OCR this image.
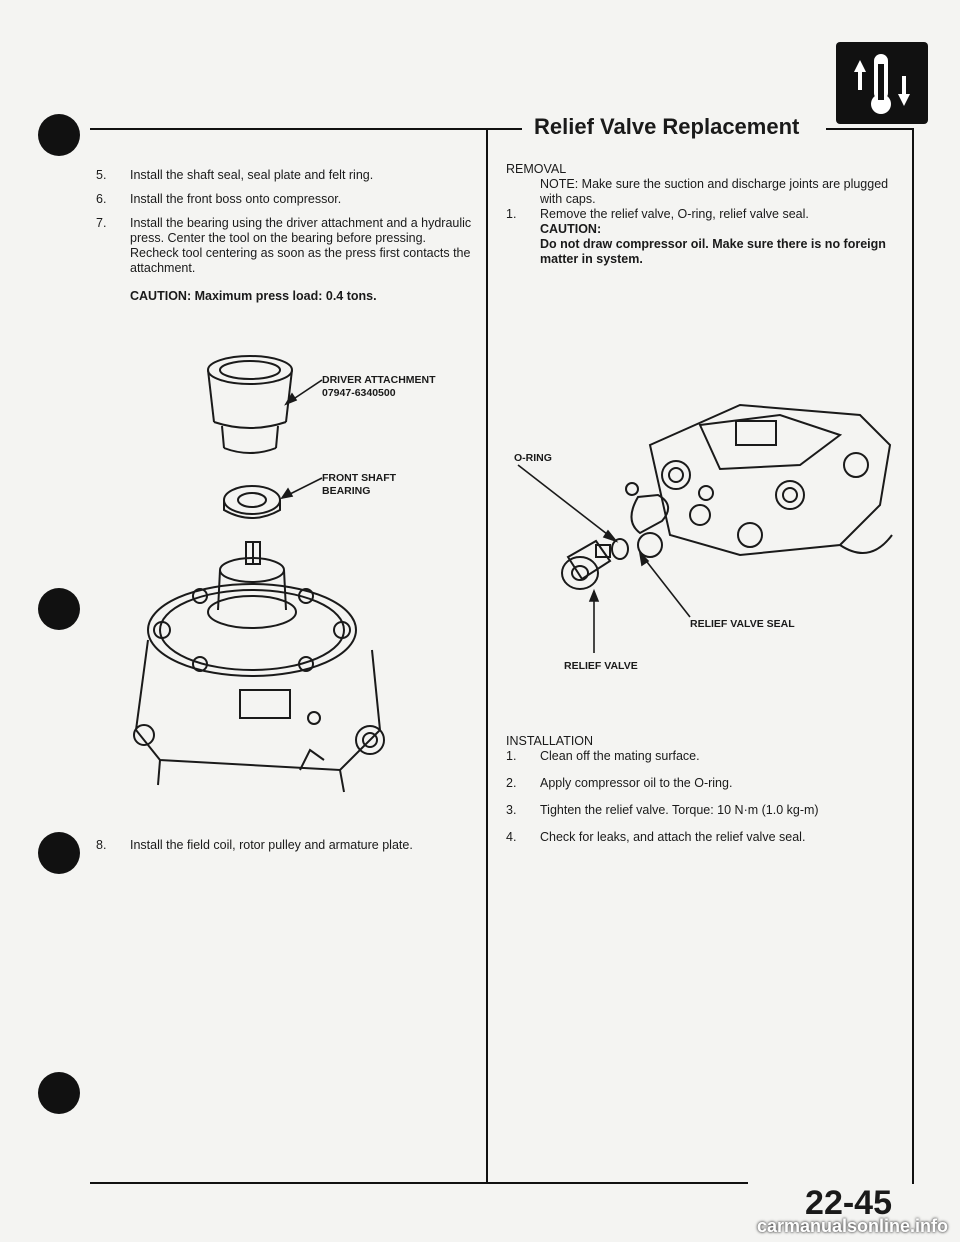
5.	Install the shaft seal, seal plate and felt ring.
6.	Install the front boss onto compressor.
7.	Install the bearing using the driver attachment and a hydraulic press. Center the tool on the bearing before pressing. Recheck tool centering as soon as the press first contacts the attachment.
CAUTION: Maximum press load: 0.4 tons.
DRIVER ATTACHMENT
07947-6340500
FRONT SHAFT
BEARING
8.	Install the field coil, rotor pulley and armature plate.
Relief Valve Replacement
REMOVAL
NOTE: Make sure the suction and discharge joints are plugged with caps.
1.	Remove the relief valve, O-ring, relief valve seal.
CAUTION:
Do not draw compressor oil. Make sure there is no foreign matter in system.
O-RING
RELIEF VALVE SEAL
RELIEF VALVE
INSTALLATION
1.	Clean off the mating surface.
2.	Apply compressor oil to the O-ring.
3.	Tighten the relief valve. Torque: 10 N·m (1.0 kg-m)
4.	Check for leaks, and attach the relief valve seal.
22-45
carmanualsonline.info
